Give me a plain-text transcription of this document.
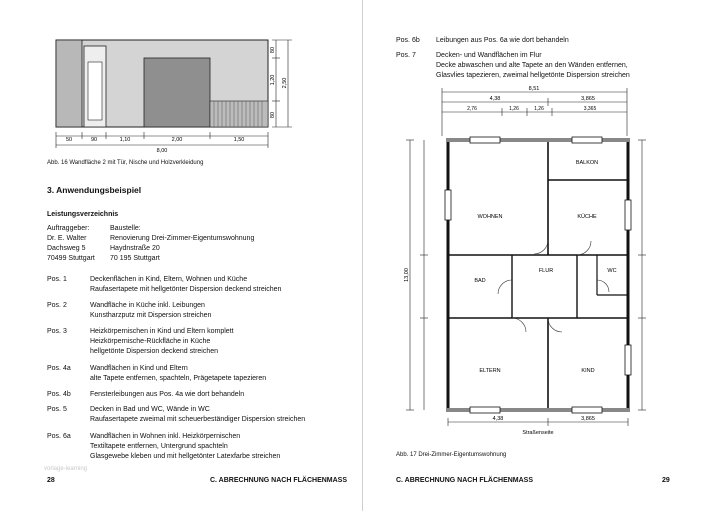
50	90	1,10	2,00	1,50
8,00
80
1,20 2,50
80
Abb. 16 Wandfläche 2 mit Tür, Nische und Holzverkleidung
3. Anwendungsbeispiel
Leistungsverzeichnis
Auftraggeber:
Dr. E. Walter
Dachsweg 5
70499 Stuttgart
Baustelle:
Renovierung Drei-Zimmer-Eigentumswohnung
Haydnstraße 20
70 195 Stuttgart
Pos. 1	Deckenflächen in Kind, Eltern, Wohnen und Küche
Raufasertapete mit hellgetönter Dispersion deckend streichen
Pos. 2	Wandfläche in Küche inkl. Leibungen
Kunstharzputz mit Dispersion streichen
Pos. 3	Heizkörpernischen in Kind und Eltern komplett
Heizkörpernische-Rückfläche in Küche
hellgetönte Dispersion deckend streichen
Pos. 4a	Wandflächen in Kind und Eltern
alte Tapete entfernen, spachteln, Prägetapete tapezieren
Pos. 4b	Fensterleibungen aus Pos. 4a wie dort behandeln
Pos. 5	Decken in Bad und WC, Wände in WC
Raufasertapete zweimal mit scheuerbeständiger Dispersion streichen
Pos. 6a	Wandflächen in Wohnen inkl. Heizkörpernischen
Textiltapete entfernen, Untergrund spachteln
Glasgewebe kleben und mit hellgetönter Latexfarbe streichen
vorlage-learning
28	C. ABRECHNUNG NACH FLÄCHENMASS
Pos. 6b Leibungen aus Pos. 6a wie dort behandeln
Pos. 7	Decken- und Wandflächen im Flur
Decke abwaschen und alte Tapete an den Wänden entfernen,
Glasvlies tapezieren, zweimal hellgetönte Dispersion streichen
8,51
4,38	3,865
2,76	1,26	1,26	3,365
WOHNEN
BALKON
KÜCHE
BAD
FLUR	WC
ELTERN	KIND
13,00
4,38	3,865
Straßenseite
Abb. 17 Drei-Zimmer-Eigentumswohnung
C. ABRECHNUNG NACH FLÄCHENMASS	29
